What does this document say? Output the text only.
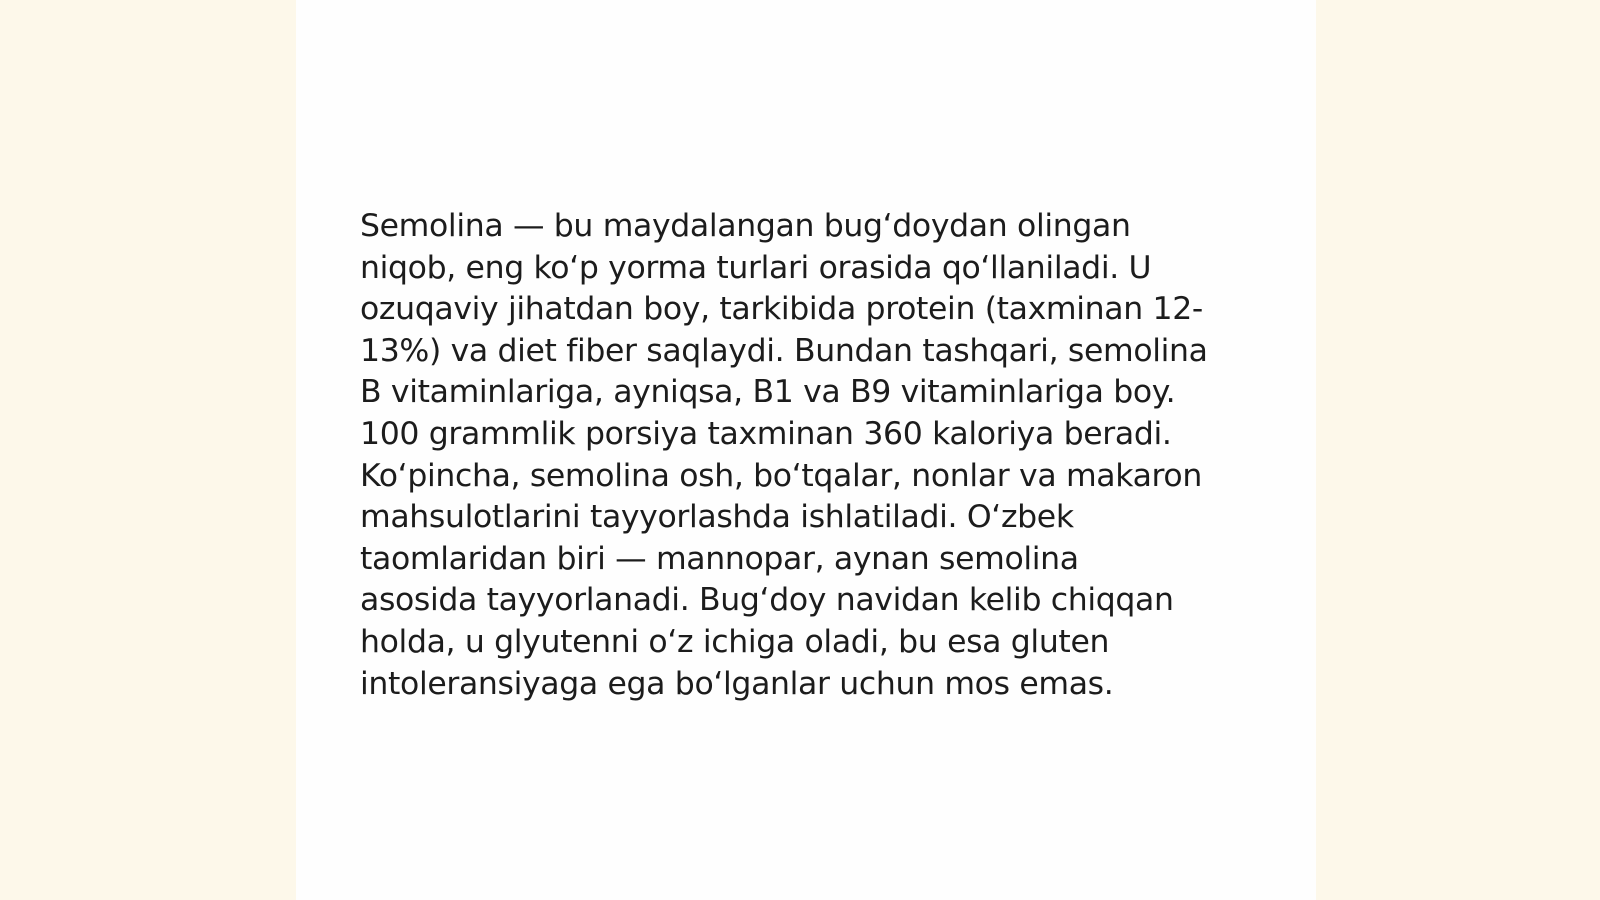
Semolina — bu maydalangan bug‘doydan olingan
niqob, eng ko‘p yorma turlari orasida qo‘llaniladi. U
ozuqaviy jihatdan boy, tarkibida protein (taxminan 12-
13%) va diet fiber saqlaydi. Bundan tashqari, semolina
B vitaminlariga, ayniqsa, B1 va B9 vitaminlariga boy.
100 grammlik porsiya taxminan 360 kaloriya beradi.
Ko‘pincha, semolina osh, bo‘tqalar, nonlar va makaron
mahsulotlarini tayyorlashda ishlatiladi. O‘zbek
taomlaridan biri — mannopar, aynan semolina
asosida tayyorlanadi. Bug‘doy navidan kelib chiqqan
holda, u glyutenni o‘z ichiga oladi, bu esa gluten
intoleransiyaga ega bo‘lganlar uchun mos emas.
